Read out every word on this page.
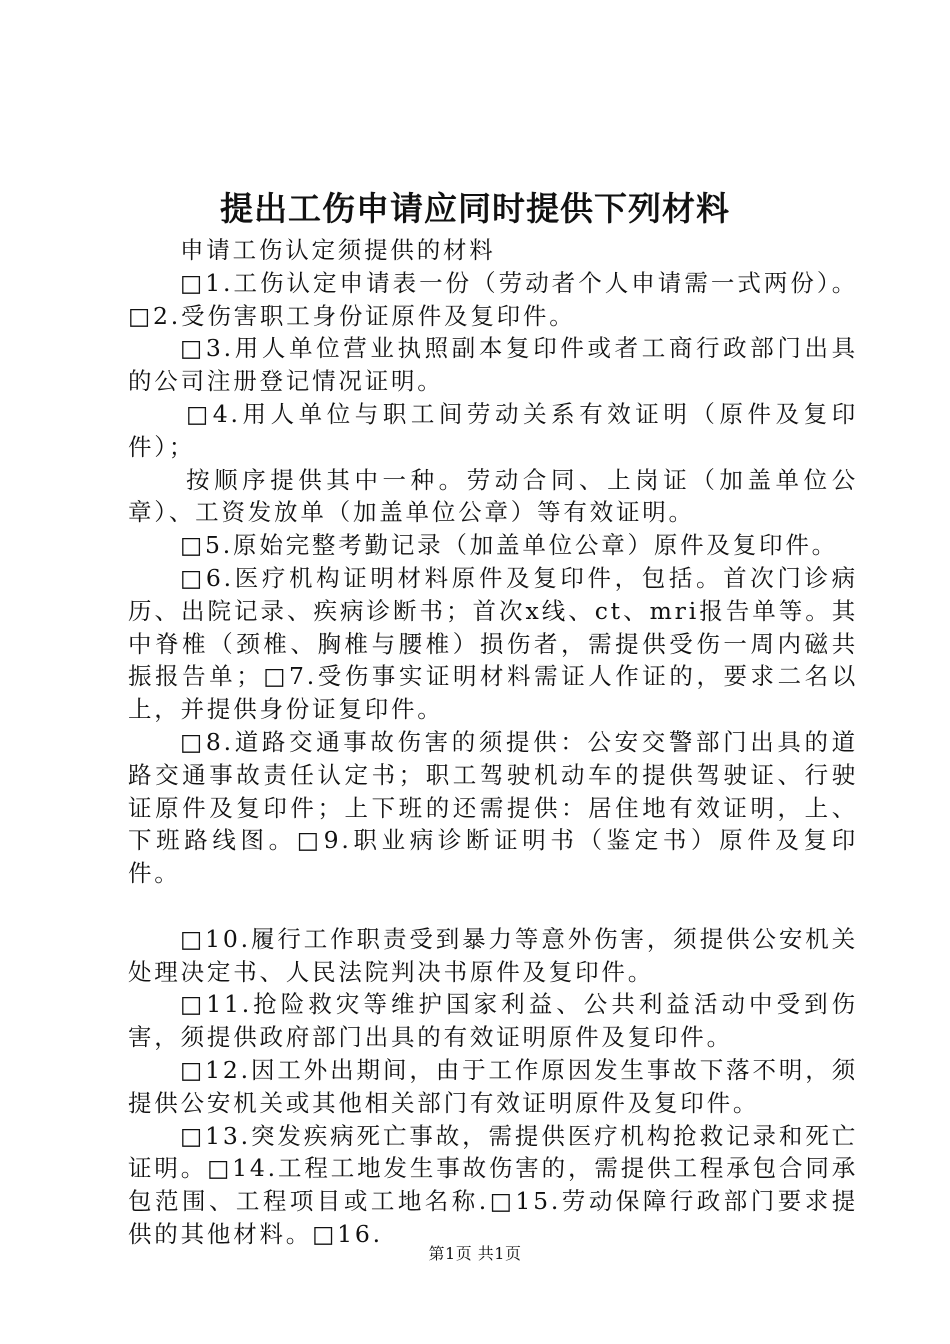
提出工伤申请应同时提供下列材料

申请工伤认定须提供的材料

□1.工伤认定申请表一份（劳动者个人申请需一式两份）。□2.受伤害职工身份证原件及复印件。

□3.用人单位营业执照副本复印件或者工商行政部门出具的公司注册登记情况证明。

□4.用人单位与职工间劳动关系有效证明（原件及复印件）；

按顺序提供其中一种。劳动合同、上岗证（加盖单位公章）、工资发放单（加盖单位公章）等有效证明。

□5.原始完整考勤记录（加盖单位公章）原件及复印件。

□6.医疗机构证明材料原件及复印件，包括。首次门诊病历、出院记录、疾病诊断书；首次x线、ct、mri报告单等。其中脊椎（颈椎、胸椎与腰椎）损伤者，需提供受伤一周内磁共振报告单；□7.受伤事实证明材料需证人作证的，要求二名以上，并提供身份证复印件。

□8.道路交通事故伤害的须提供：公安交警部门出具的道路交通事故责任认定书；职工驾驶机动车的提供驾驶证、行驶证原件及复印件；上下班的还需提供：居住地有效证明，上、下班路线图。□9.职业病诊断证明书（鉴定书）原件及复印件。

□10.履行工作职责受到暴力等意外伤害，须提供公安机关处理决定书、人民法院判决书原件及复印件。

□11.抢险救灾等维护国家利益、公共利益活动中受到伤害，须提供政府部门出具的有效证明原件及复印件。

□12.因工外出期间，由于工作原因发生事故下落不明，须提供公安机关或其他相关部门有效证明原件及复印件。

□13.突发疾病死亡事故，需提供医疗机构抢救记录和死亡证明。□14.工程工地发生事故伤害的，需提供工程承包合同承包范围、工程项目或工地名称.□15.劳动保障行政部门要求提供的其他材料。□16.

第1页 共1页
